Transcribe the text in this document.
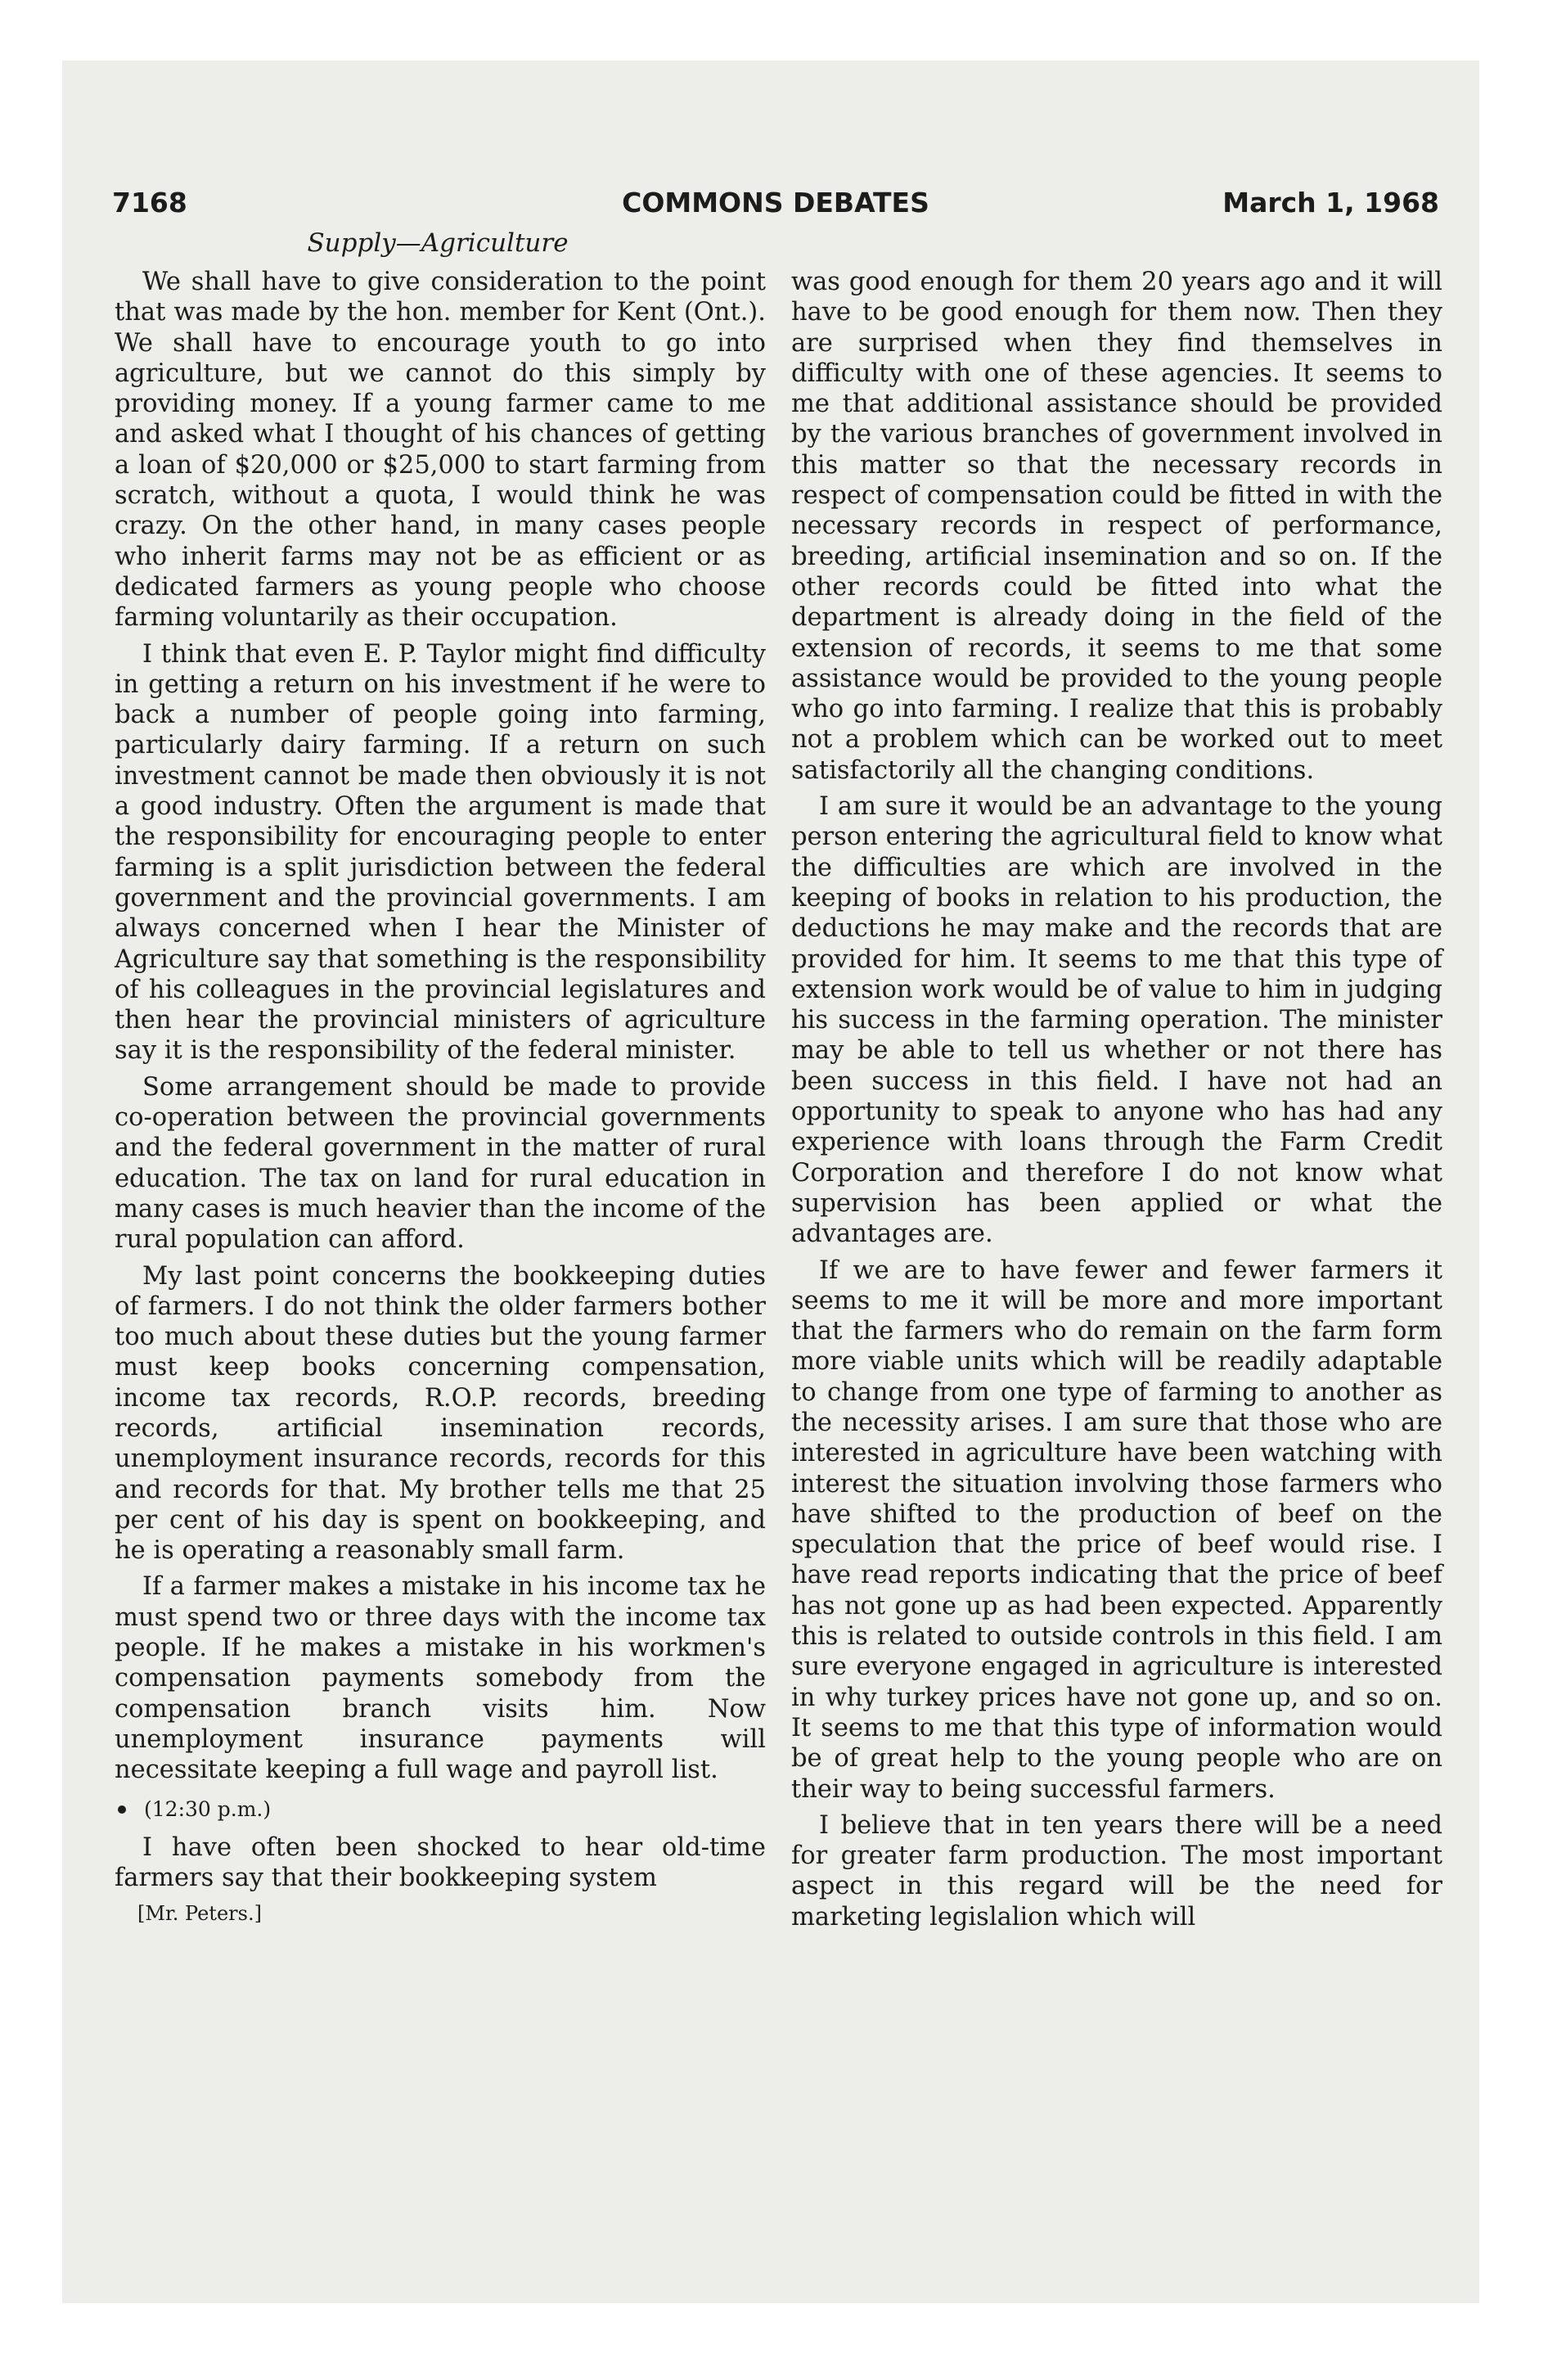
7168	COMMONS DEBATES	March 1, 1968
Supply—Agriculture

We shall have to give consideration to the point that was made by the hon. member for Kent (Ont.). We shall have to encourage youth to go into agriculture, but we cannot do this simply by providing money. If a young farmer came to me and asked what I thought of his chances of getting a loan of $20,000 or $25,000 to start farming from scratch, without a quota, I would think he was crazy. On the other hand, in many cases people who inherit farms may not be as efficient or as dedicated farmers as young people who choose farming voluntarily as their occupation.

I think that even E. P. Taylor might find difficulty in getting a return on his investment if he were to back a number of people going into farming, particularly dairy farming. If a return on such investment cannot be made then obviously it is not a good industry. Often the argument is made that the responsibility for encouraging people to enter farming is a split jurisdiction between the federal government and the provincial governments. I am always concerned when I hear the Minister of Agriculture say that something is the responsibility of his colleagues in the provincial legislatures and then hear the provincial ministers of agriculture say it is the responsibility of the federal minister.

Some arrangement should be made to provide co-operation between the provincial governments and the federal government in the matter of rural education. The tax on land for rural education in many cases is much heavier than the income of the rural population can afford.

My last point concerns the bookkeeping duties of farmers. I do not think the older farmers bother too much about these duties but the young farmer must keep books concerning compensation, income tax records, R.O.P. records, breeding records, artificial insemination records, unemployment insurance records, records for this and records for that. My brother tells me that 25 per cent of his day is spent on bookkeeping, and he is operating a reasonably small farm.

If a farmer makes a mistake in his income tax he must spend two or three days with the income tax people. If he makes a mistake in his workmen's compensation payments somebody from the compensation branch visits him. Now unemployment insurance payments will necessitate keeping a full wage and payroll list.

(12:30 p.m.)

I have often been shocked to hear old-time farmers say that their bookkeeping system

[Mr. Peters.]

was good enough for them 20 years ago and it will have to be good enough for them now. Then they are surprised when they find themselves in difficulty with one of these agencies. It seems to me that additional assistance should be provided by the various branches of government involved in this matter so that the necessary records in respect of compensation could be fitted in with the necessary records in respect of performance, breeding, artificial insemination and so on. If the other records could be fitted into what the department is already doing in the field of the extension of records, it seems to me that some assistance would be provided to the young people who go into farming. I realize that this is probably not a problem which can be worked out to meet satisfactorily all the changing conditions.

I am sure it would be an advantage to the young person entering the agricultural field to know what the difficulties are which are involved in the keeping of books in relation to his production, the deductions he may make and the records that are provided for him. It seems to me that this type of extension work would be of value to him in judging his success in the farming operation. The minister may be able to tell us whether or not there has been success in this field. I have not had an opportunity to speak to anyone who has had any experience with loans through the Farm Credit Corporation and therefore I do not know what supervision has been applied or what the advantages are.

If we are to have fewer and fewer farmers it seems to me it will be more and more important that the farmers who do remain on the farm form more viable units which will be readily adaptable to change from one type of farming to another as the necessity arises. I am sure that those who are interested in agriculture have been watching with interest the situation involving those farmers who have shifted to the production of beef on the speculation that the price of beef would rise. I have read reports indicating that the price of beef has not gone up as had been expected. Apparently this is related to outside controls in this field. I am sure everyone engaged in agriculture is interested in why turkey prices have not gone up, and so on. It seems to me that this type of information would be of great help to the young people who are on their way to being successful farmers.

I believe that in ten years there will be a need for greater farm production. The most important aspect in this regard will be the need for marketing legislalion which will
